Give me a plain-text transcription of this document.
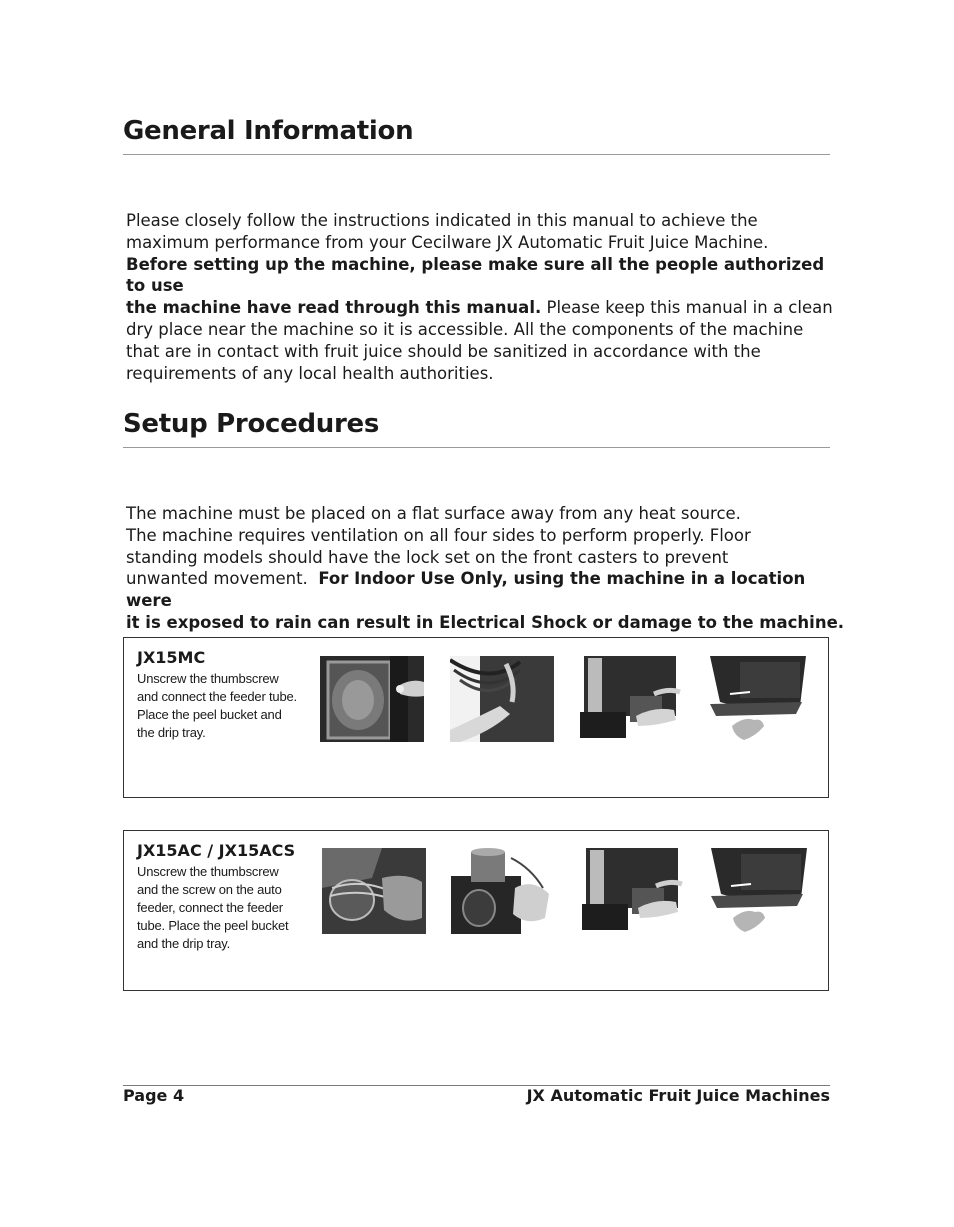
General Information
Please closely follow the instructions indicated in this manual to achieve the
maximum performance from your Cecilware JX Automatic Fruit Juice Machine.
Before setting up the machine, please make sure all the people authorized to use
the machine have read through this manual. Please keep this manual in a clean
dry place near the machine so it is accessible. All the components of the machine
that are in contact with fruit juice should be sanitized in accordance with the
requirements of any local health authorities.
Setup Procedures
The machine must be placed on a flat surface away from any heat source.
The machine requires ventilation on all four sides to perform properly. Floor
standing models should have the lock set on the front casters to prevent
unwanted movement. For Indoor Use Only, using the machine in a location were
it is exposed to rain can result in Electrical Shock or damage to the machine.
JX15MC
Unscrew the thumbscrew
and connect the feeder tube.
Place the peel bucket and
the drip tray.
JX15AC / JX15ACS
Unscrew the thumbscrew
and the screw on the auto
feeder, connect the feeder
tube. Place the peel bucket
and the drip tray.
Page 4	JX Automatic Fruit Juice Machines
